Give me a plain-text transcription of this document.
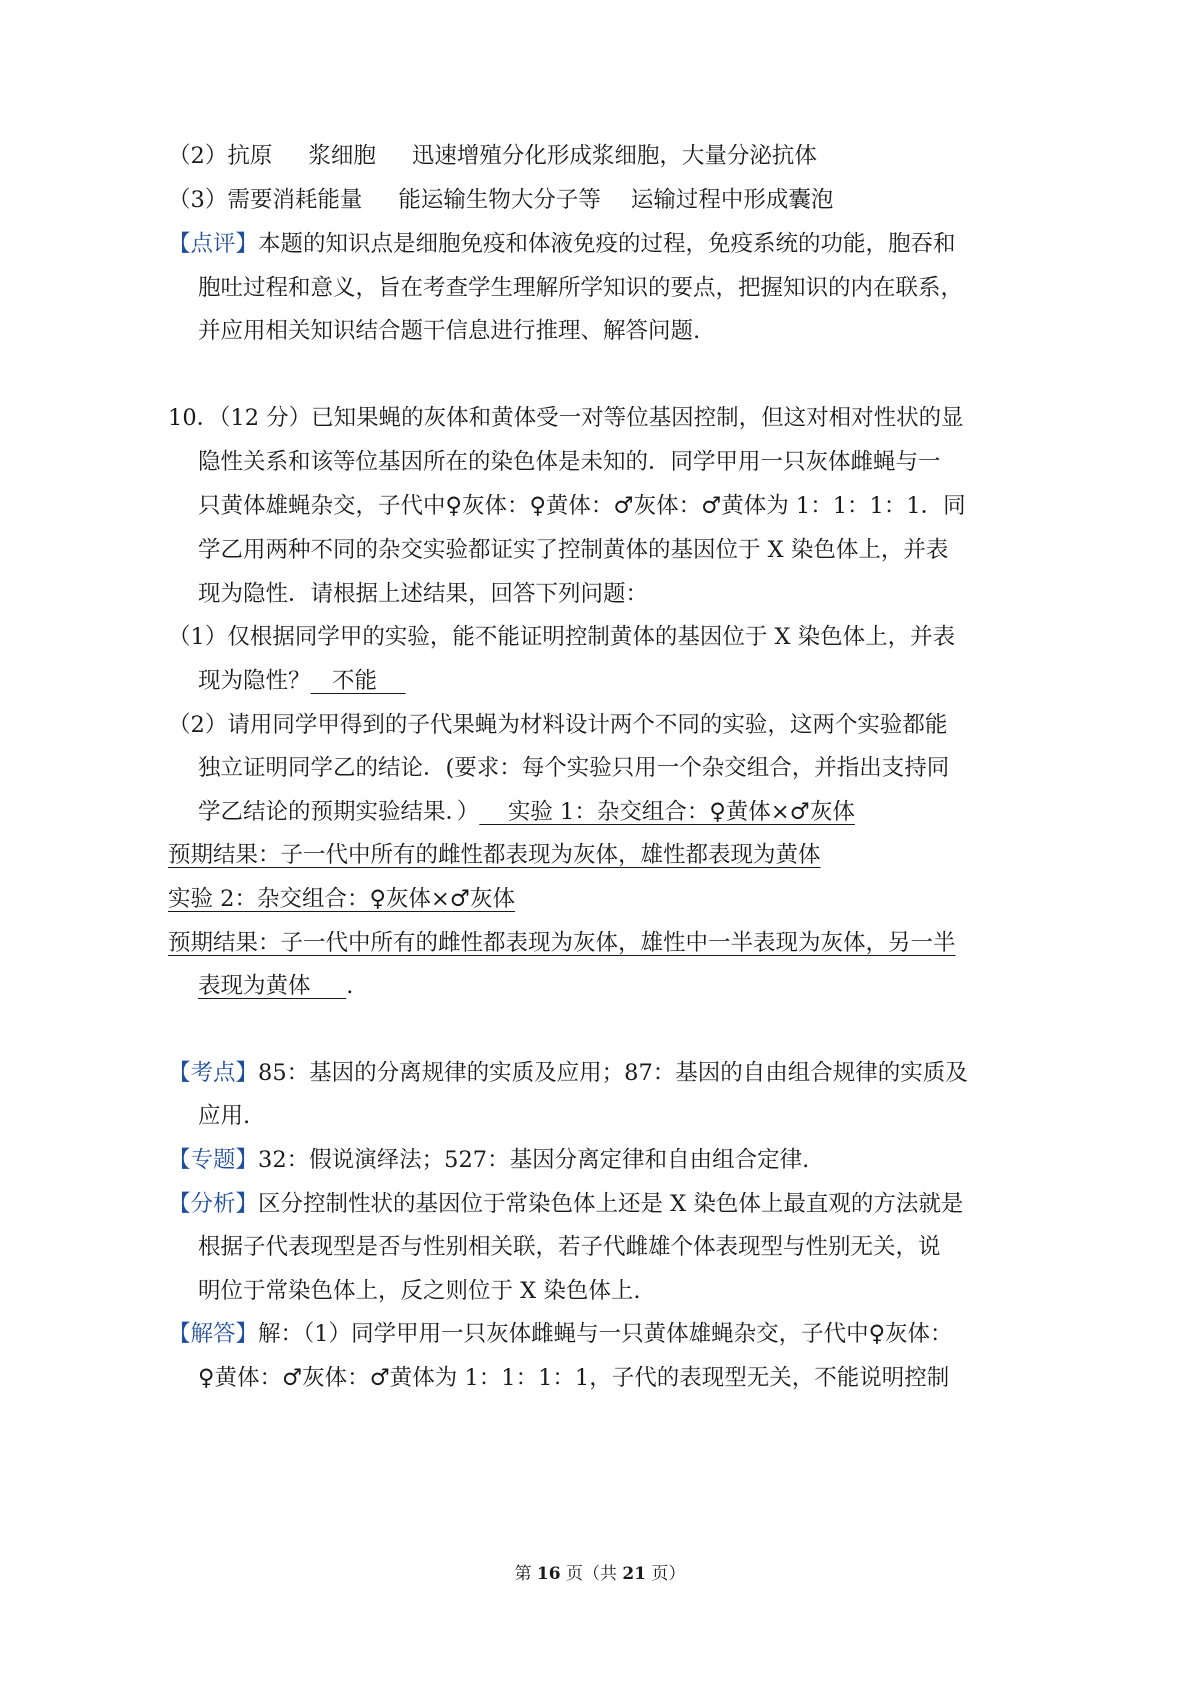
（2）抗原 浆细胞 迅速增殖分化形成浆细胞，大量分泌抗体
（3）需要消耗能量 能运输生物大分子等 运输过程中形成囊泡
【点评】本题的知识点是细胞免疫和体液免疫的过程，免疫系统的功能，胞吞和
胞吐过程和意义，旨在考查学生理解所学知识的要点，把握知识的内在联系，
并应用相关知识结合题干信息进行推理、解答问题.
10．（12 分）已知果蝇的灰体和黄体受一对等位基因控制，但这对相对性状的显
隐性关系和该等位基因所在的染色体是未知的．同学甲用一只灰体雌蝇与一
只黄体雄蝇杂交，子代中♀灰体：♀黄体：♂灰体：♂黄体为 1：1：1：1．同
学乙用两种不同的杂交实验都证实了控制黄体的基因位于 X 染色体上，并表
现为隐性．请根据上述结果，回答下列问题：
（1）仅根据同学甲的实验，能不能证明控制黄体的基因位于 X 染色体上，并表
现为隐性？ 不能
（2）请用同学甲得到的子代果蝇为材料设计两个不同的实验，这两个实验都能
独立证明同学乙的结论．(要求：每个实验只用一个杂交组合，并指出支持同
学乙结论的预期实验结果．） 实验 1：杂交组合：♀黄体×♂灰体
预期结果：子一代中所有的雌性都表现为灰体，雄性都表现为黄体
实验 2：杂交组合：♀灰体×♂灰体
预期结果：子一代中所有的雌性都表现为灰体，雄性中一半表现为灰体，另一半
表现为黄体 .
【考点】85：基因的分离规律的实质及应用；87：基因的自由组合规律的实质及
应用.
【专题】32：假说演绎法；527：基因分离定律和自由组合定律.
【分析】区分控制性状的基因位于常染色体上还是 X 染色体上最直观的方法就是
根据子代表现型是否与性别相关联，若子代雌雄个体表现型与性别无关，说
明位于常染色体上，反之则位于 X 染色体上.
【解答】解：（1）同学甲用一只灰体雌蝇与一只黄体雄蝇杂交，子代中♀灰体：
♀黄体：♂灰体：♂黄体为 1：1：1：1，子代的表现型无关，不能说明控制
第 16 页（共 21 页）
